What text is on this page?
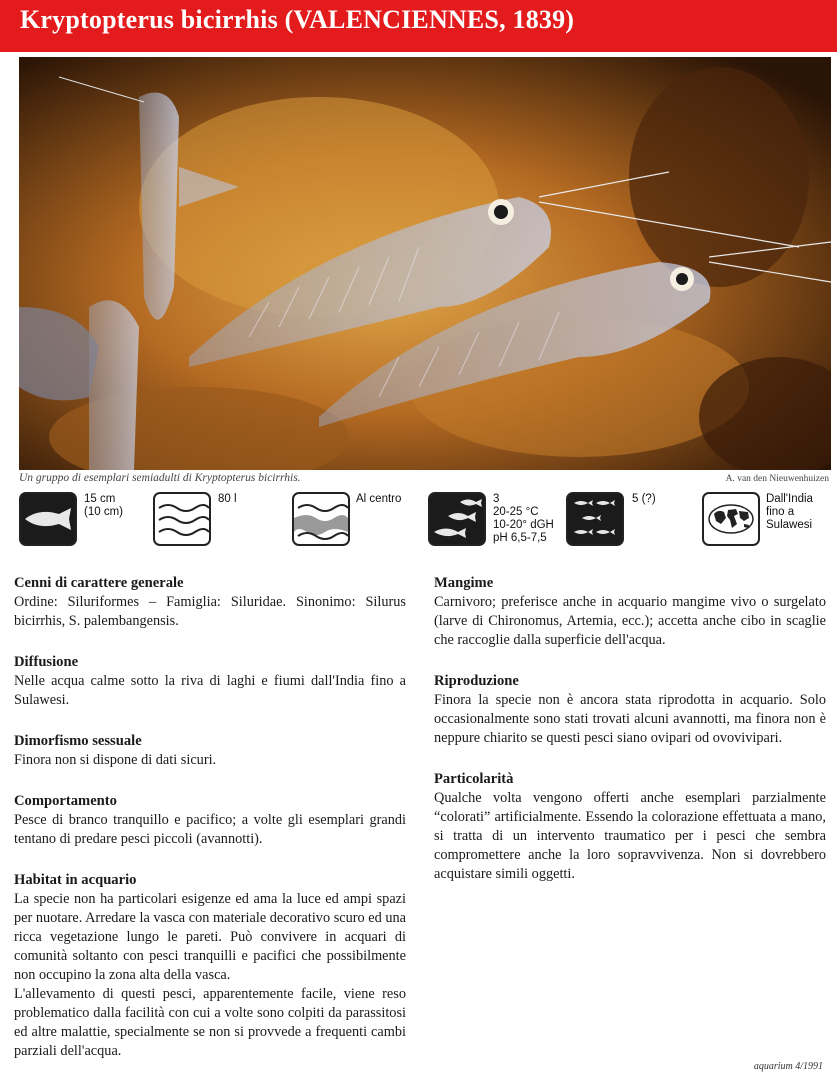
Kryptopterus bicirrhis (VALENCIENNES, 1839)
Un gruppo di esemplari semiadulti di Kryptopterus bicirrhis.	A. van den Nieuwenhuizen
15 cm
(10 cm)
80 l	Al centro	3
20-25 °C
10-20° dGH
pH 6,5-7,5
5 (?)	Dall'India
fino a
Sulawesi
Cenni di carattere generale

Ordine: Siluriformes – Famiglia: Siluridae. Sinonimo: Silurus bicirrhis, S. palembangensis.

Diffusione

Nelle acqua calme sotto la riva di laghi e fiumi dall'India fino a Sulawesi.

Dimorfismo sessuale

Finora non si dispone di dati sicuri.

Comportamento

Pesce di branco tranquillo e pacifico; a volte gli esemplari grandi tentano di predare pesci piccoli (avannotti).

Habitat in acquario

La specie non ha particolari esigenze ed ama la luce ed ampi spazi per nuotare. Arredare la vasca con materiale decorativo scuro ed una ricca vegetazione lungo le pareti. Può convivere in acquari di comunità soltanto con pesci tranquilli e pacifici che possibilmente non occupino la zona alta della vasca.

L'allevamento di questi pesci, apparentemente facile, viene reso problematico dalla facilità con cui a volte sono colpiti da parassitosi ed altre malattie, specialmente se non si provvede a frequenti cambi parziali dell'acqua.

Mangime

Carnivoro; preferisce anche in acquario mangime vivo o surgelato (larve di Chironomus, Artemia, ecc.); accetta anche cibo in scaglie che raccoglie dalla superficie dell'acqua.

Riproduzione

Finora la specie non è ancora stata riprodotta in acquario. Solo occasionalmente sono stati trovati alcuni avannotti, ma finora non è neppure chiarito se questi pesci siano ovipari od ovovivipari.

Particolarità

Qualche volta vengono offerti anche esemplari parzialmente “colorati” artificialmente. Essendo la colorazione effettuata a mano, si tratta di un intervento traumatico per i pesci che sembra compromettere anche la loro sopravvivenza. Non si dovrebbero acquistare simili oggetti.

aquarium 4/1991
